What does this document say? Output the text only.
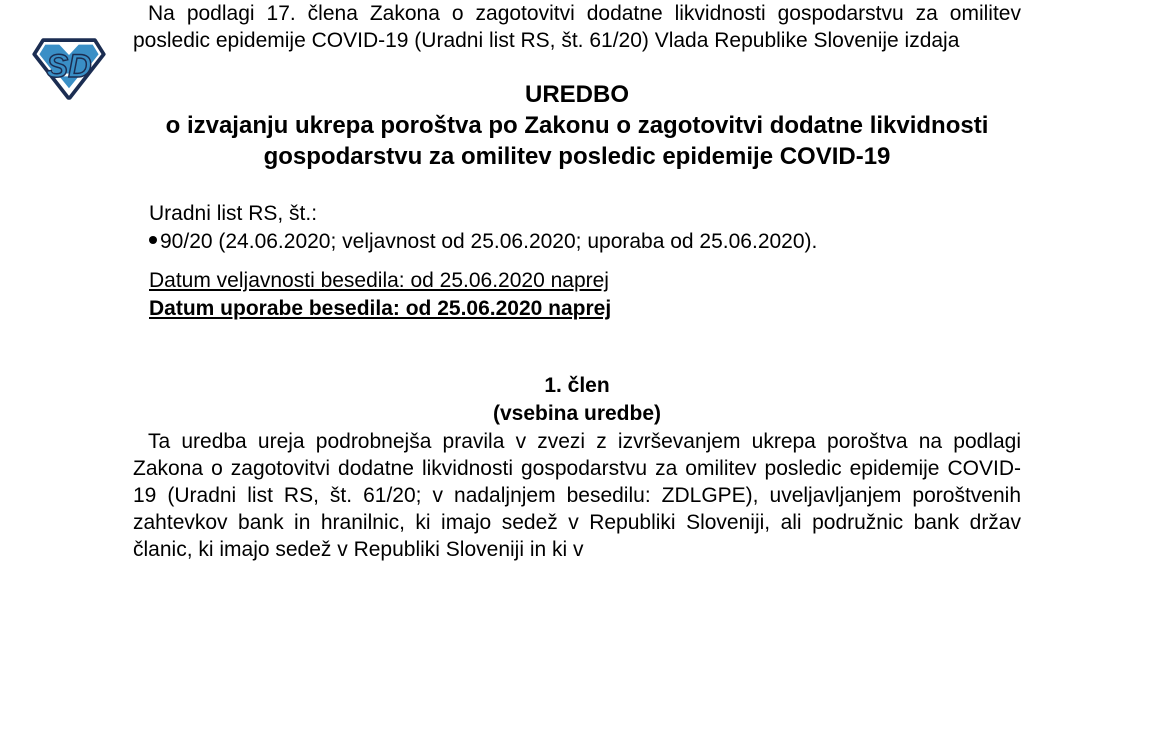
SD

Na podlagi 17. člena Zakona o zagotovitvi dodatne likvidnosti gospodarstvu za omilitev posledic epidemije COVID-19 (Uradni list RS, št. 61/20) Vlada Republike Slovenije izdaja

UREDBO
o izvajanju ukrepa poroštva po Zakonu o zagotovitvi dodatne likvidnosti gospodarstvu za omilitev posledic epidemije COVID-19
Uradni list RS, št.:
90/20 (24.06.2020; veljavnost od 25.06.2020; uporaba od 25.06.2020).
Datum veljavnosti besedila: od 25.06.2020 naprej
Datum uporabe besedila: od 25.06.2020 naprej
1. člen
(vsebina uredbe)

Ta uredba ureja podrobnejša pravila v zvezi z izvrševanjem ukrepa poroštva na podlagi Zakona o zagotovitvi dodatne likvidnosti gospodarstvu za omilitev posledic epidemije COVID-19 (Uradni list RS, št. 61/20; v nadaljnjem besedilu: ZDLGPE), uveljavljanjem poroštvenih zahtevkov bank in hranilnic, ki imajo sedež v Republiki Sloveniji, ali podružnic bank držav članic, ki imajo sedež v Republiki Sloveniji in ki v
